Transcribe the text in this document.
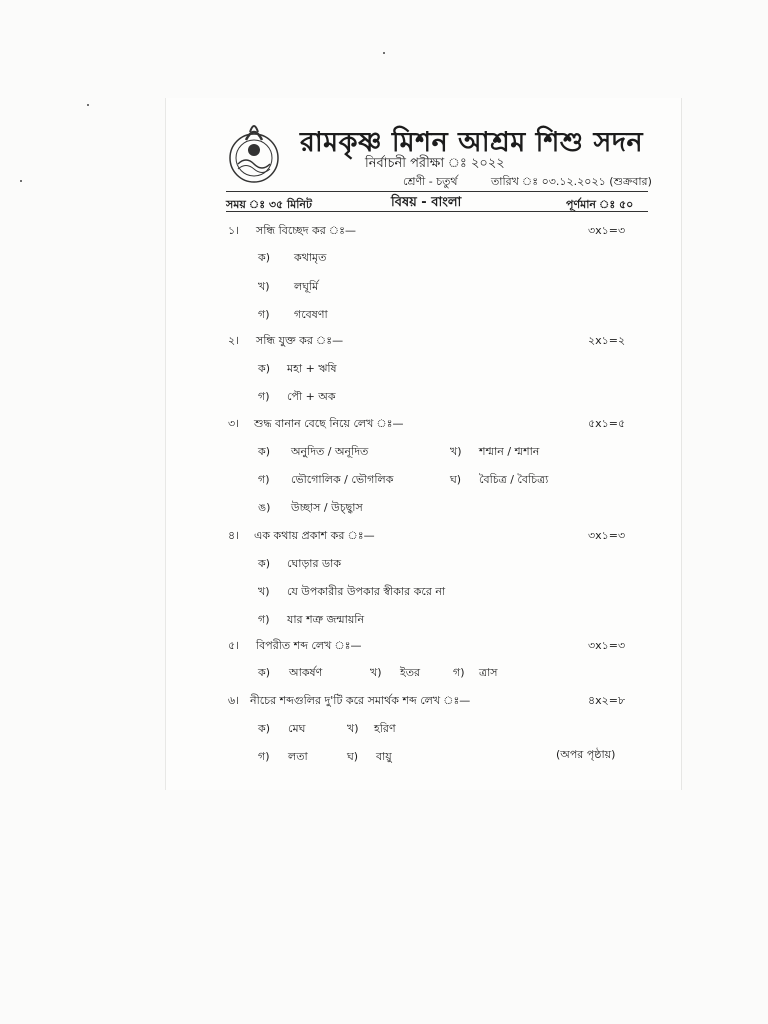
রামকৃষ্ণ মিশন আশ্রম শিশু সদন
নির্বাচনী পরীক্ষা ঃ ২০২২
শ্রেণী - চতুর্থ	তারিখ ঃ ০৩.১২.২০২১ (শুক্রবার)
সময় ঃ ৩৫ মিনিট	বিষয় - বাংলা	পূর্ণমান ঃ ৫০
১। সন্ধি বিচ্ছেদ কর ঃ—	৩x১=৩
ক) কথামৃত
খ) লঘূর্মি
গ) গবেষণা
২। সন্ধি যুক্ত কর ঃ—	২x১=২
ক) মহা + ঋষি
গ) পৌ + অক
৩। শুদ্ধ বানান বেছে নিয়ে লেখ ঃ—	৫x১=৫
ক) অনুদিত / অনূদিত	খ) শশ্মান / শ্মশান
গ) ভৌগোলিক / ভৌগলিক	ঘ) বৈচিত্র / বৈচিত্র্য
ঙ) উচ্ছাস / উচ্ছ্বাস
৪। এক কথায় প্রকাশ কর ঃ—	৩x১=৩
ক) ঘোড়ার ডাক
খ) যে উপকারীর উপকার স্বীকার করে না
গ) যার শত্রু জন্মায়নি
৫। বিপরীত শব্দ লেখ ঃ—	৩x১=৩
ক) আকর্ষণ	খ) ইতর	গ) ত্রাস
৬। নীচের শব্দগুলির দু'টি করে সমার্থক শব্দ লেখ ঃ—	৪x২=৮
ক) মেঘ	খ) হরিণ
গ) লতা	ঘ) বায়ু	(অপর পৃষ্ঠায়)
